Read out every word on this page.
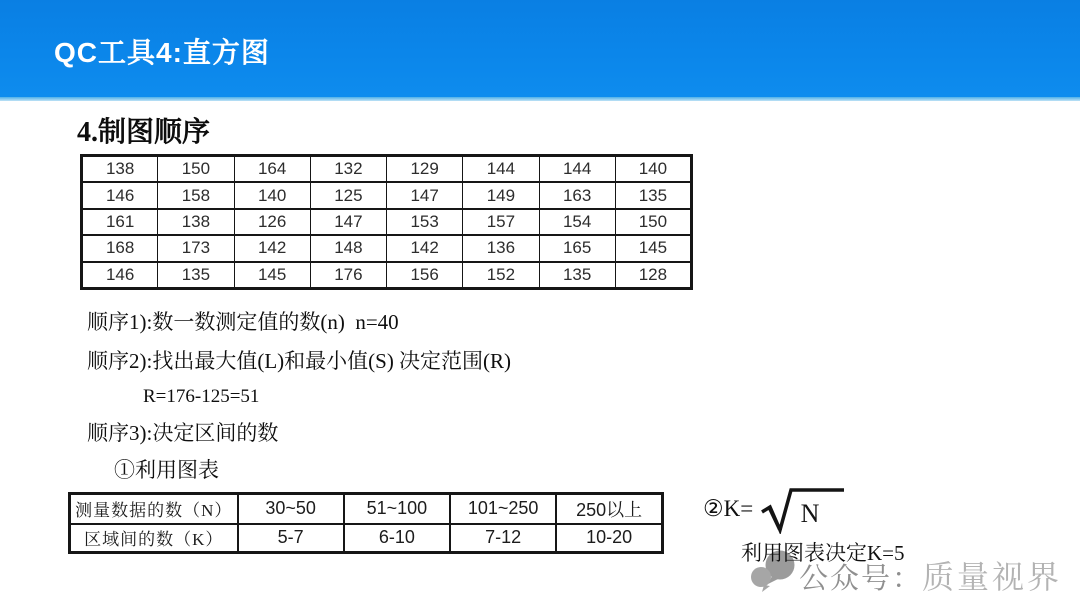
QC工具4:直方图
4.制图顺序
138	150	164	132	129	144	144	140
146	158	140	125	147	149	163	135
161	138	126	147	153	157	154	150
168	173	142	148	142	136	165	145
146	135	145	176	156	152	135	128
顺序1):数一数测定值的数(n)  n=40
顺序2):找出最大值(L)和最小值(S) 决定范围(R)
R=176-125=51
顺序3):决定区间的数
①利用图表
测量数据的数（N）	30~50	51~100	101~250	250以上
区域间的数（K）	5-7	6-10	7-12	10-20
②K= N
利用图表决定K=5
公众号：
质量视界
